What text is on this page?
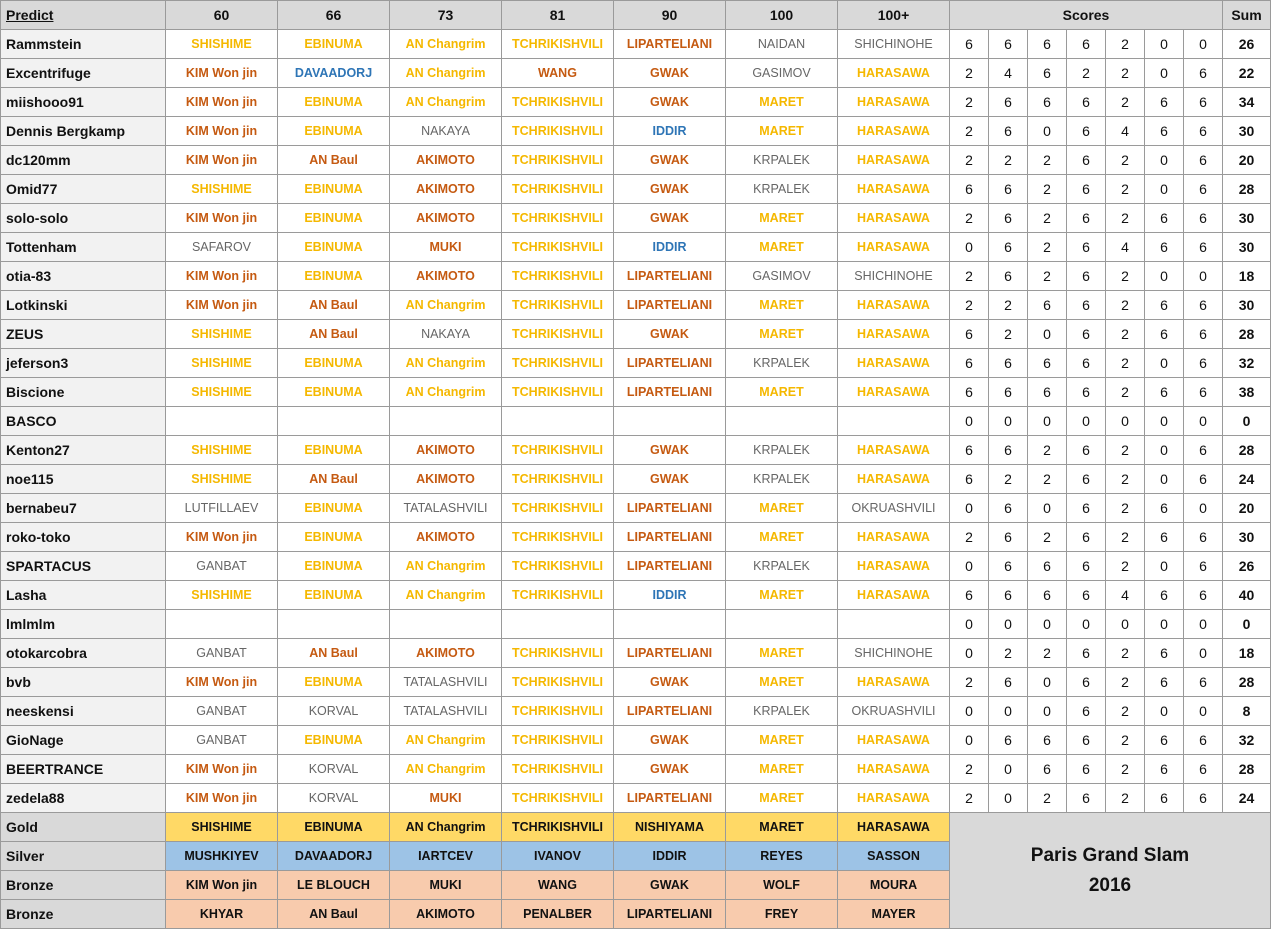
Predict	60	66	73	81	90	100	100+	Scores							Sum
Rammstein	SHISHIME	EBINUMA	AN Changrim	TCHRIKISHVILI	LIPARTELIANI	NAIDAN	SHICHINOHE	6	6	6	6	2	0	0	26
Excentrifuge	KIM Won jin	DAVAADORJ	AN Changrim	WANG	GWAK	GASIMOV	HARASAWA	2	4	6	2	2	0	6	22
miishooo91	KIM Won jin	EBINUMA	AN Changrim	TCHRIKISHVILI	GWAK	MARET	HARASAWA	2	6	6	6	2	6	6	34
Dennis Bergkamp	KIM Won jin	EBINUMA	NAKAYA	TCHRIKISHVILI	IDDIR	MARET	HARASAWA	2	6	0	6	4	6	6	30
dc120mm	KIM Won jin	AN Baul	AKIMOTO	TCHRIKISHVILI	GWAK	KRPALEK	HARASAWA	2	2	2	6	2	0	6	20
Omid77	SHISHIME	EBINUMA	AKIMOTO	TCHRIKISHVILI	GWAK	KRPALEK	HARASAWA	6	6	2	6	2	0	6	28
solo-solo	KIM Won jin	EBINUMA	AKIMOTO	TCHRIKISHVILI	GWAK	MARET	HARASAWA	2	6	2	6	2	6	6	30
Tottenham	SAFAROV	EBINUMA	MUKI	TCHRIKISHVILI	IDDIR	MARET	HARASAWA	0	6	2	6	4	6	6	30
otia-83	KIM Won jin	EBINUMA	AKIMOTO	TCHRIKISHVILI	LIPARTELIANI	GASIMOV	SHICHINOHE	2	6	2	6	2	0	0	18
Lotkinski	KIM Won jin	AN Baul	AN Changrim	TCHRIKISHVILI	LIPARTELIANI	MARET	HARASAWA	2	2	6	6	2	6	6	30
ZEUS	SHISHIME	AN Baul	NAKAYA	TCHRIKISHVILI	GWAK	MARET	HARASAWA	6	2	0	6	2	6	6	28
jeferson3	SHISHIME	EBINUMA	AN Changrim	TCHRIKISHVILI	LIPARTELIANI	KRPALEK	HARASAWA	6	6	6	6	2	0	6	32
Biscione	SHISHIME	EBINUMA	AN Changrim	TCHRIKISHVILI	LIPARTELIANI	MARET	HARASAWA	6	6	6	6	2	6	6	38
BASCO								0	0	0	0	0	0	0	0
Kenton27	SHISHIME	EBINUMA	AKIMOTO	TCHRIKISHVILI	GWAK	KRPALEK	HARASAWA	6	6	2	6	2	0	6	28
noe115	SHISHIME	AN Baul	AKIMOTO	TCHRIKISHVILI	GWAK	KRPALEK	HARASAWA	6	2	2	6	2	0	6	24
bernabeu7	LUTFILLAEV	EBINUMA	TATALASHVILI	TCHRIKISHVILI	LIPARTELIANI	MARET	OKRUASHVILI	0	6	0	6	2	6	0	20
roko-toko	KIM Won jin	EBINUMA	AKIMOTO	TCHRIKISHVILI	LIPARTELIANI	MARET	HARASAWA	2	6	2	6	2	6	6	30
SPARTACUS	GANBAT	EBINUMA	AN Changrim	TCHRIKISHVILI	LIPARTELIANI	KRPALEK	HARASAWA	0	6	6	6	2	0	6	26
Lasha	SHISHIME	EBINUMA	AN Changrim	TCHRIKISHVILI	IDDIR	MARET	HARASAWA	6	6	6	6	4	6	6	40
lmlmlm								0	0	0	0	0	0	0	0
otokarcobra	GANBAT	AN Baul	AKIMOTO	TCHRIKISHVILI	LIPARTELIANI	MARET	SHICHINOHE	0	2	2	6	2	6	0	18
bvb	KIM Won jin	EBINUMA	TATALASHVILI	TCHRIKISHVILI	GWAK	MARET	HARASAWA	2	6	0	6	2	6	6	28
neeskensi	GANBAT	KORVAL	TATALASHVILI	TCHRIKISHVILI	LIPARTELIANI	KRPALEK	OKRUASHVILI	0	0	0	6	2	0	0	8
GioNage	GANBAT	EBINUMA	AN Changrim	TCHRIKISHVILI	GWAK	MARET	HARASAWA	0	6	6	6	2	6	6	32
BEERTRANCE	KIM Won jin	KORVAL	AN Changrim	TCHRIKISHVILI	GWAK	MARET	HARASAWA	2	0	6	6	2	6	6	28
zedela88	KIM Won jin	KORVAL	MUKI	TCHRIKISHVILI	LIPARTELIANI	MARET	HARASAWA	2	0	2	6	2	6	6	24
Gold	SHISHIME	EBINUMA	AN Changrim	TCHRIKISHVILI	NISHIYAMA	MARET	HARASAWA	Paris Grand Slam
2016							

Silver	MUSHKIYEV	DAVAADORJ	IARTCEV	IVANOV	IDDIR	REYES	SASSON								
Bronze	KIM Won jin	LE BLOUCH	MUKI	WANG	GWAK	WOLF	MOURA								
Bronze	KHYAR	AN Baul	AKIMOTO	PENALBER	LIPARTELIANI	FREY	MAYER								
